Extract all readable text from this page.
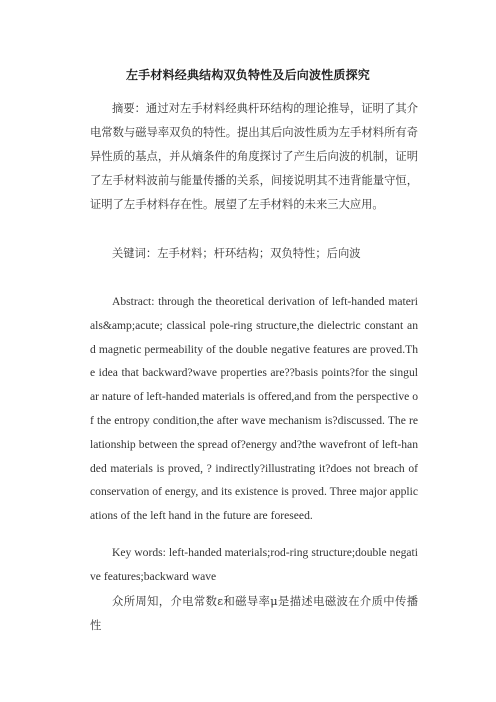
左手材料经典结构双负特性及后向波性质探究

摘要：通过对左手材料经典杆环结构的理论推导，证明了其介电常数与磁导率双负的特性。提出其后向波性质为左手材料所有奇异性质的基点，并从熵条件的角度探讨了产生后向波的机制，证明了左手材料波前与能量传播的关系，间接说明其不违背能量守恒，证明了左手材料存在性。展望了左手材料的未来三大应用。

关键词：左手材料；杆环结构；双负特性；后向波

Abstract: through the theoretical derivation of left-handed materials&amp;acute; classical pole-ring structure,the dielectric constant and magnetic permeability of the double negative features are proved.The idea that backward?wave properties are??basis points?for the singular nature of left-handed materials is offered,and from the perspective of the entropy condition,the after wave mechanism is?discussed. The relationship between the spread of?energy and?the wavefront of left-handed materials is proved, ? indirectly?illustrating it?does not breach of conservation of energy, and its existence is proved. Three major applications of the left hand in the future are foreseed.

Key words: left-handed materials;rod-ring structure;double negative features;backward wave

众所周知，介电常数ε和磁导率μ是描述电磁波在介质中传播性
